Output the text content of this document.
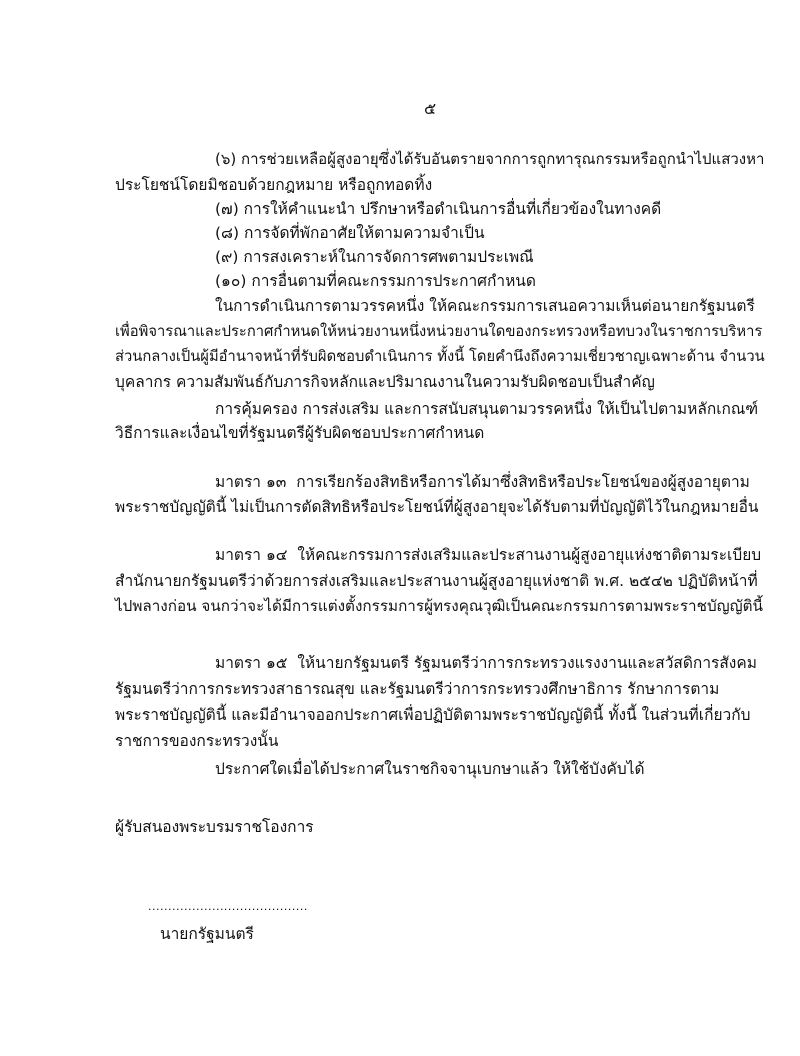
๕
(๖) การช่วยเหลือผู้สูงอายุซึ่งได้รับอันตรายจากการถูกทารุณกรรมหรือถูกนำไปแสวงหา
ประโยชน์โดยมิชอบด้วยกฎหมาย หรือถูกทอดทิ้ง
(๗) การให้คำแนะนำ ปรึกษาหรือดำเนินการอื่นที่เกี่ยวข้องในทางคดี
(๘) การจัดที่พักอาศัยให้ตามความจำเป็น
(๙) การสงเคราะห์ในการจัดการศพตามประเพณี
(๑๐) การอื่นตามที่คณะกรรมการประกาศกำหนด
ในการดำเนินการตามวรรคหนึ่ง ให้คณะกรรมการเสนอความเห็นต่อนายกรัฐมนตรี
เพื่อพิจารณาและประกาศกำหนดให้หน่วยงานหนึ่งหน่วยงานใดของกระทรวงหรือทบวงในราชการบริหาร
ส่วนกลางเป็นผู้มีอำนาจหน้าที่รับผิดชอบดำเนินการ ทั้งนี้ โดยคำนึงถึงความเชี่ยวชาญเฉพาะด้าน จำนวน
บุคลากร ความสัมพันธ์กับภารกิจหลักและปริมาณงานในความรับผิดชอบเป็นสำคัญ
การคุ้มครอง การส่งเสริม และการสนับสนุนตามวรรคหนึ่ง ให้เป็นไปตามหลักเกณฑ์
วิธีการและเงื่อนไขที่รัฐมนตรีผู้รับผิดชอบประกาศกำหนด
มาตรา ๑๓  การเรียกร้องสิทธิหรือการได้มาซึ่งสิทธิหรือประโยชน์ของผู้สูงอายุตาม
พระราชบัญญัตินี้ ไม่เป็นการตัดสิทธิหรือประโยชน์ที่ผู้สูงอายุจะได้รับตามที่บัญญัติไว้ในกฎหมายอื่น
มาตรา ๑๔  ให้คณะกรรมการส่งเสริมและประสานงานผู้สูงอายุแห่งชาติตามระเบียบ
สำนักนายกรัฐมนตรีว่าด้วยการส่งเสริมและประสานงานผู้สูงอายุแห่งชาติ พ.ศ. ๒๕๔๒ ปฏิบัติหน้าที่
ไปพลางก่อน จนกว่าจะได้มีการแต่งตั้งกรรมการผู้ทรงคุณวุฒิเป็นคณะกรรมการตามพระราชบัญญัตินี้
มาตรา ๑๕  ให้นายกรัฐมนตรี รัฐมนตรีว่าการกระทรวงแรงงานและสวัสดิการสังคม
รัฐมนตรีว่าการกระทรวงสาธารณสุข และรัฐมนตรีว่าการกระทรวงศึกษาธิการ รักษาการตาม
พระราชบัญญัตินี้ และมีอำนาจออกประกาศเพื่อปฏิบัติตามพระราชบัญญัตินี้ ทั้งนี้ ในส่วนที่เกี่ยวกับ
ราชการของกระทรวงนั้น
ประกาศใดเมื่อได้ประกาศในราชกิจจานุเบกษาแล้ว ให้ใช้บังคับได้
ผู้รับสนองพระบรมราชโองการ
........................................
นายกรัฐมนตรี
